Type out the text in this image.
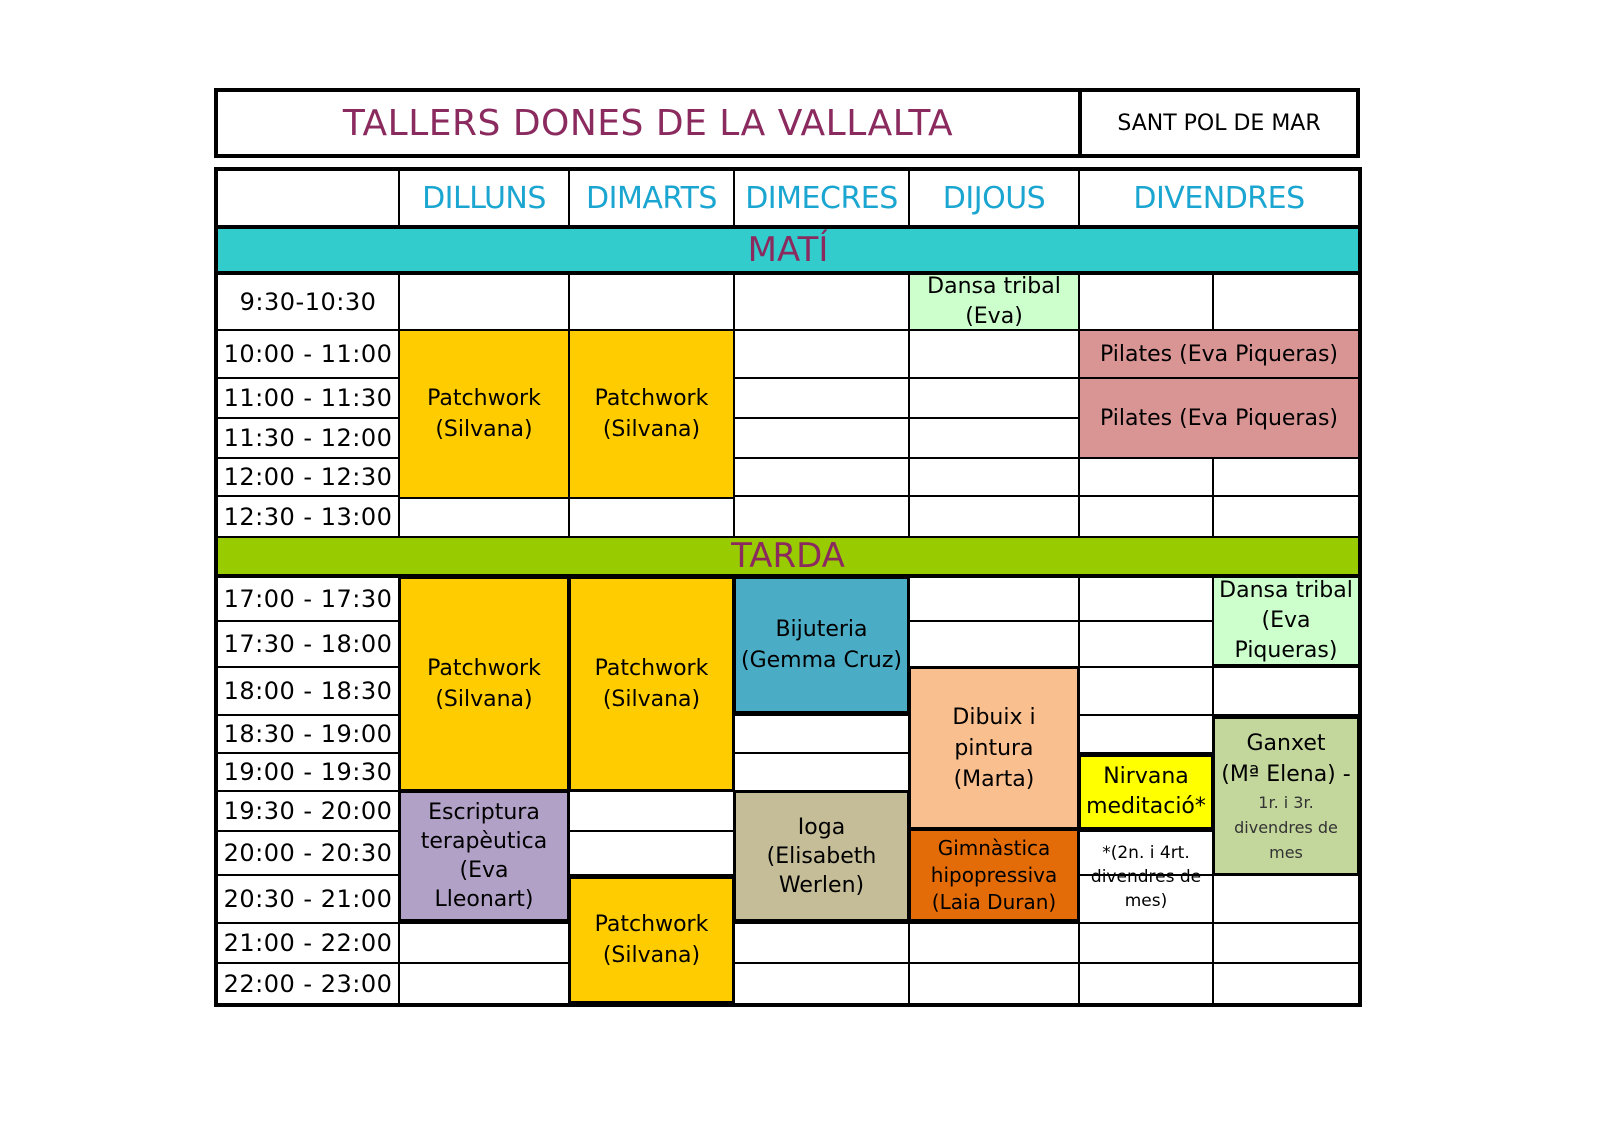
TALLERS DONES DE LA VALLALTA	SANT POL DE MAR
DILLUNS DIMARTS DIMECRES DIJOUS	DIVENDRES
MATÍ
9:30-10:30
10:00 - 11:00
11:00 - 11:30
11:30 - 12:00
12:00 - 12:30
12:30 - 13:00
Patchwork
(Silvana)
Patchwork
(Silvana)
Dansa tribal
(Eva)
Pilates (Eva Piqueras)
Pilates (Eva Piqueras)
TARDA
17:00 - 17:30
17:30 - 18:00
18:00 - 18:30
18:30 - 19:00
19:00 - 19:30
19:30 - 20:00
20:00 - 20:30
20:30 - 21:00
21:00 - 22:00
22:00 - 23:00
Patchwork
(Silvana)
Escriptura
terapèutica
(Eva
Lleonart)
Patchwork
(Silvana)
Patchwork
(Silvana)
Bijuteria
(Gemma Cruz)
Ioga
(Elisabeth
Werlen)
Dibuix i
pintura
(Marta)
Gimnàstica
hipopressiva
(Laia Duran)
Dansa tribal
(Eva
Piqueras)
Nirvana
meditació*
*(2n. i 4rt.
divendres de
mes)
Ganxet
(Mª Elena) -
1r. i 3r.
divendres de
mes
